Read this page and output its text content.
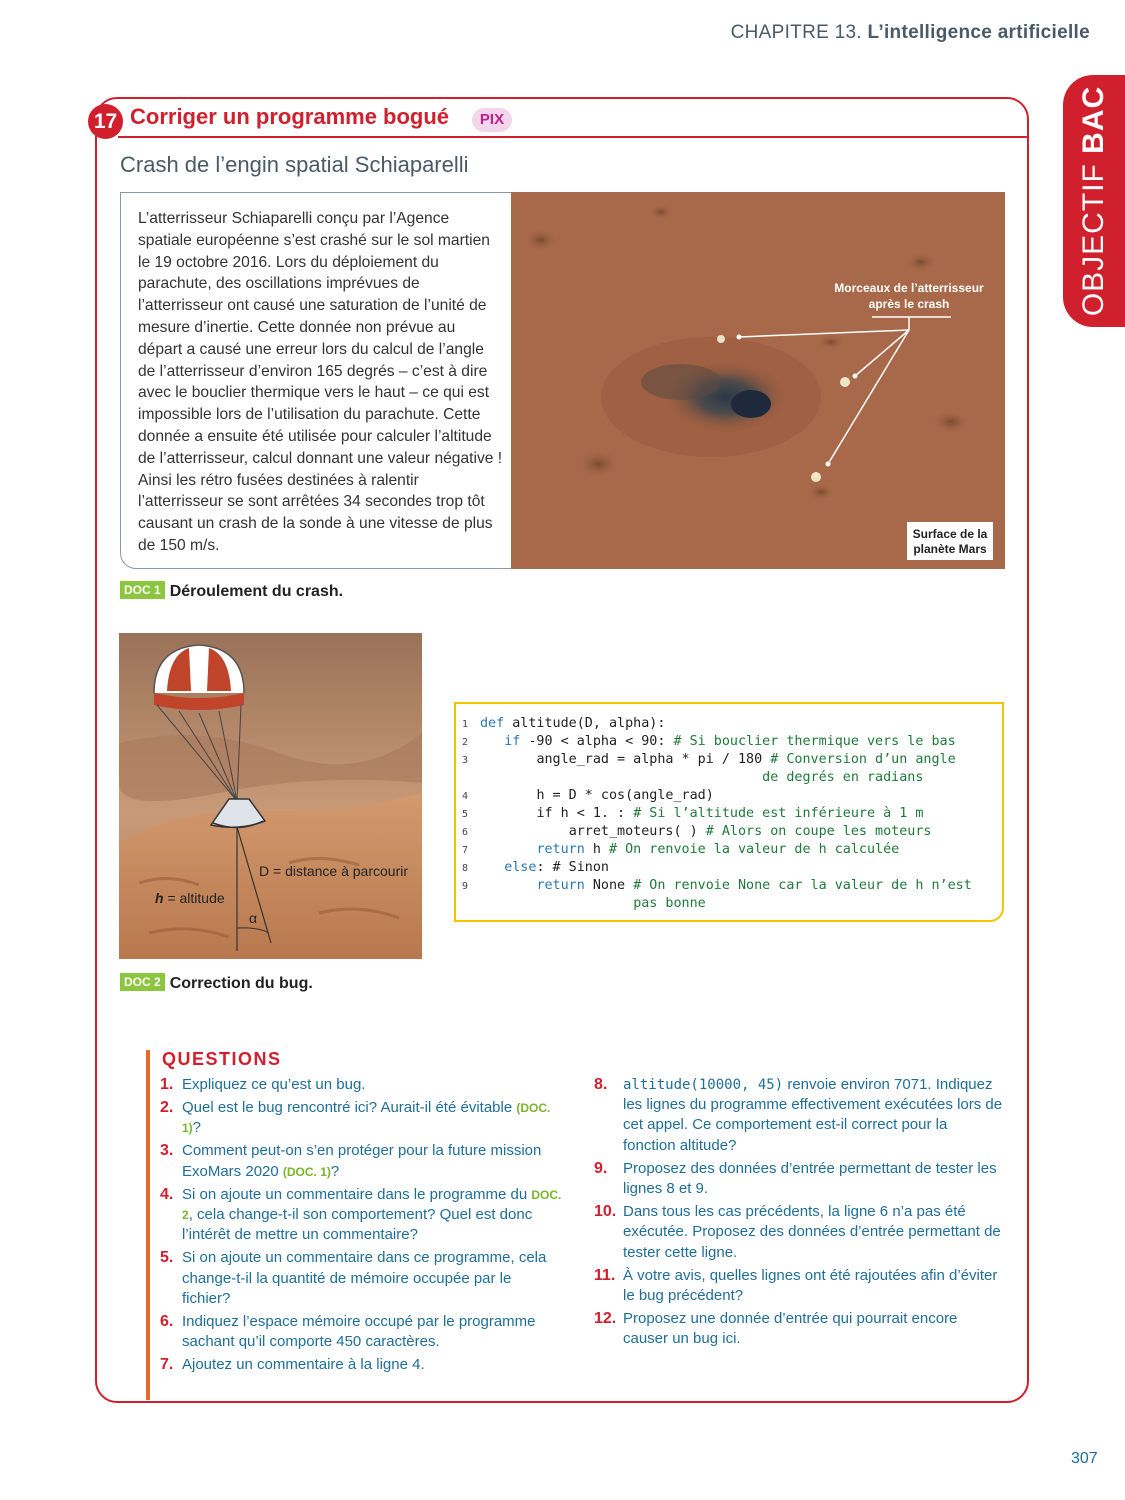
CHAPITRE 13. L’intelligence artificielle
OBJECTIF BAC
17 Corriger un programme bogué	PIX
Crash de l’engin spatial Schiaparelli

L’atterrisseur Schiaparelli conçu par l’Agence spatiale européenne s’est crashé sur le sol martien le 19 octobre 2016. Lors du déploiement du parachute, des oscillations imprévues de l’atterrisseur ont causé une saturation de l’unité de mesure d’inertie. Cette donnée non prévue au départ a causé une erreur lors du calcul de l’angle de l’atterrisseur d’environ 165 degrés – c’est à dire avec le bouclier thermique vers le haut – ce qui est impossible lors de l’utilisation du parachute. Cette donnée a ensuite été utilisée pour calculer l’altitude de l’atterrisseur, calcul donnant une valeur négative ! Ainsi les rétro fusées destinées à ralentir l’atterrisseur se sont arrêtées 34 secondes trop tôt causant un crash de la sonde à une vitesse de plus de 150 m/s.

Morceaux de l’atterrisseur
après le crash
Surface de la
planète Mars
DOC 1 Déroulement du crash.
D = distance à parcourir
h = altitude
α
1 def altitude(D, alpha):
2	if -90 < alpha < 90: # Si bouclier thermique vers le bas
3	angle_rad = alpha * pi / 180 # Conversion d’un angle
de degrés en radians
4	h = D * cos(angle_rad)
5	if h < 1. : # Si l’altitude est inférieure à 1 m
6	arret_moteurs( ) # Alors on coupe les moteurs
7	return h # On renvoie la valeur de h calculée
8	else: # Sinon
9	return None # On renvoie None car la valeur de h n’est
pas bonne
DOC 2 Correction du bug.
QUESTIONS
1. Expliquez ce qu’est un bug.
2. Quel est le bug rencontré ici? Aurait-il été évitable (DOC. 1)?
3. Comment peut-on s’en protéger pour la future mission ExoMars 2020 (DOC. 1)?
4. Si on ajoute un commentaire dans le programme du DOC. 2, cela change-t-il son comportement? Quel est donc l’intérêt de mettre un commentaire?
5. Si on ajoute un commentaire dans ce programme, cela change-t-il la quantité de mémoire occupée par le fichier?
6. Indiquez l’espace mémoire occupé par le programme sachant qu’il comporte 450 caractères.
7. Ajoutez un commentaire à la ligne 4.
8. altitude(10000, 45) renvoie environ 7071. Indiquez les lignes du programme effectivement exécutées lors de cet appel. Ce comportement est-il correct pour la fonction altitude?
9. Proposez des données d’entrée permettant de tester les lignes 8 et 9.
10. Dans tous les cas précédents, la ligne 6 n’a pas été exécutée. Proposez des données d’entrée permettant de tester cette ligne.
11. À votre avis, quelles lignes ont été rajoutées afin d’éviter le bug précédent?
12. Proposez une donnée d’entrée qui pourrait encore causer un bug ici.
307
